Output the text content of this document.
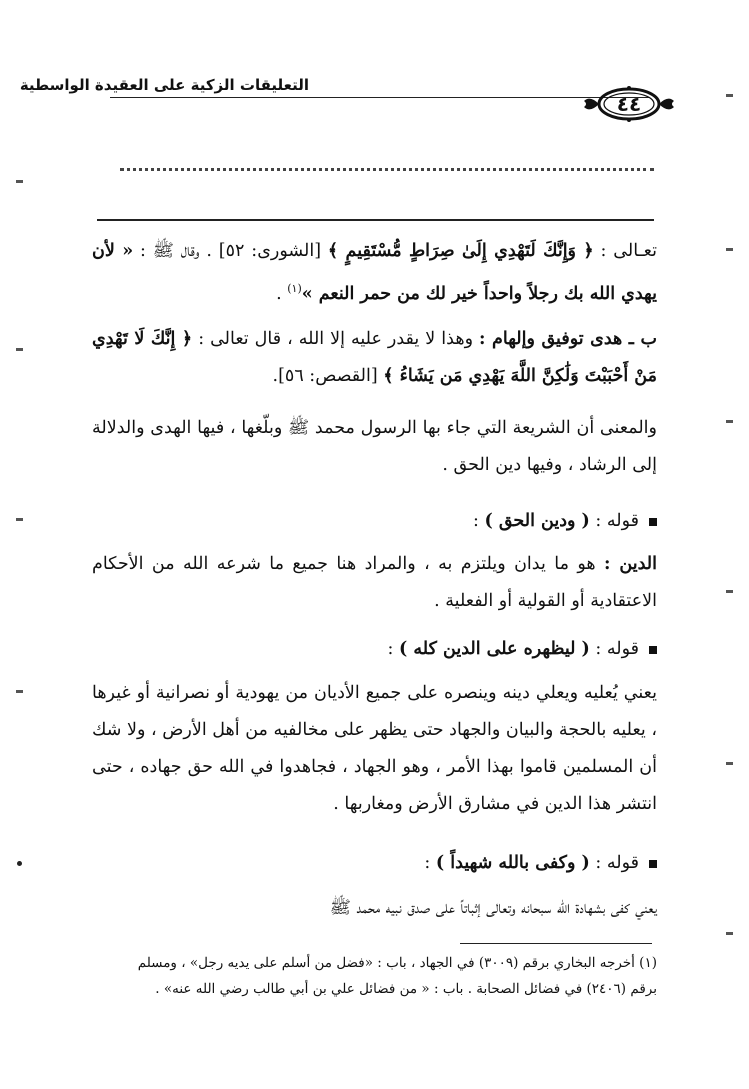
التعليقات الزكية على العقيدة الواسطية
٤٤

تعـالى : ﴿ وَإِنَّكَ لَتَهْدِي إِلَىٰ صِرَاطٍ مُّسْتَقِيمٍ ﴾ [الشورى: ٥٢] . وقال ﷺ : « لأن يهدي الله بك رجلاً واحداً خير لك من حمر النعم »$^{(١)}$ .

ب ـ هدى توفيق وإلهام : وهذا لا يقدر عليه إلا الله ، قال تعالى : ﴿ إِنَّكَ لَا تَهْدِي مَنْ أَحْبَبْتَ وَلَٰكِنَّ اللَّهَ يَهْدِي مَن يَشَاءُ ﴾ [القصص: ٥٦].

والمعنى أن الشريعة التي جاء بها الرسول محمد ﷺ وبلّغها ، فيها الهدى والدلالة إلى الرشاد ، وفيها دين الحق .

قوله : ( ودين الحق ) :

الدين : هو ما يدان ويلتزم به ، والمراد هنا جميع ما شرعه الله من الأحكام الاعتقادية أو القولية أو الفعلية .

قوله : ( ليظهره على الدين كله ) :

يعني يُعليه ويعلي دينه وينصره على جميع الأديان من يهودية أو نصرانية أو غيرها ، يعليه بالحجة والبيان والجهاد حتى يظهر على مخالفيه من أهل الأرض ، ولا شك أن المسلمين قاموا بهذا الأمر ، وهو الجهاد ، فجاهدوا في الله حق جهاده ، حتى انتشر هذا الدين في مشارق الأرض ومغاربها .

قوله : ( وكفى بالله شهيداً ) :

يعني كفى بشهادة الله سبحانه وتعالى إثباتاً على صدق نبيه محمد ﷺ

(١) أخرجه البخاري برقم (٣٠٠٩) في الجهاد ، باب : «فضل من أسلم على يديه رجل» ، ومسلم

برقم (٢٤٠٦) في فضائل الصحابة . باب : « من فضائل علي بن أبي طالب رضي الله عنه» .
